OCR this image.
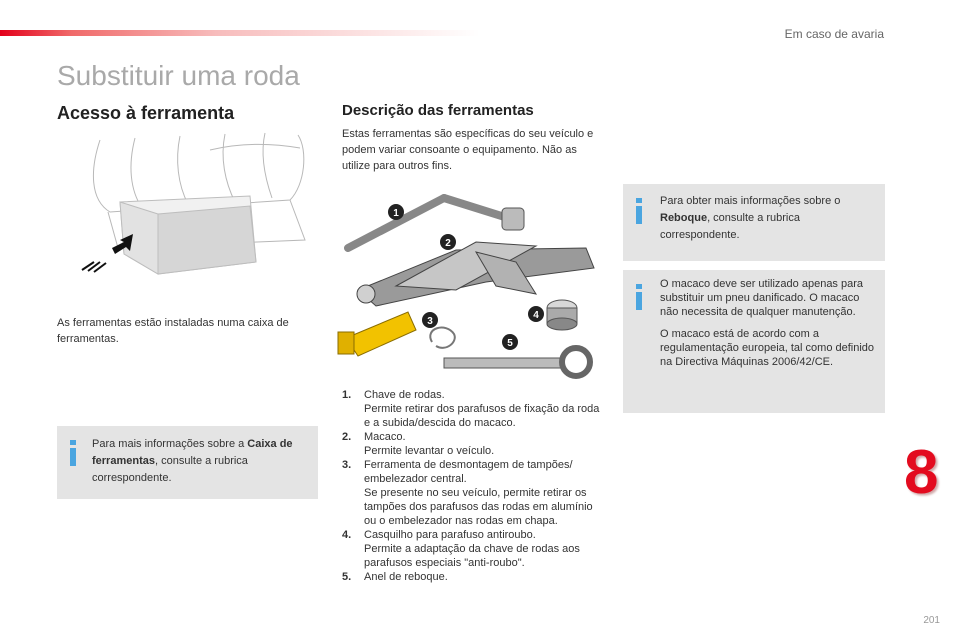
Em caso de avaria
Substituir uma roda
Acesso à ferramenta	Descrição das ferramentas

Estas ferramentas são específicas do seu veículo e podem variar consoante o equipamento. Não as utilize para outros fins.

As ferramentas estão instaladas numa caixa de ferramentas.

1
2
3
4
5
Para mais informações sobre a Caixa de ferramentas, consulte a rubrica correspondente.
Para obter mais informações sobre o Reboque, consulte a rubrica correspondente.

O macaco deve ser utilizado apenas para substituir um pneu danificado. O macaco não necessita de qualquer manutenção.

O macaco está de acordo com a regulamentação europeia, tal como definido na Directiva Máquinas 2006/42/CE.

1. Chave de rodas.
Permite retirar dos parafusos de fixação da roda e a subida/descida do macaco.
2. Macaco.
Permite levantar o veículo.
3. Ferramenta de desmontagem de tampões/ embelezador central.
Se presente no seu veículo, permite retirar os tampões dos parafusos das rodas em alumínio ou o embelezador nas rodas em chapa.
4. Casquilho para parafuso antiroubo.
Permite a adaptação da chave de rodas aos parafusos especiais "anti-roubo".
5. Anel de reboque.
8
201
